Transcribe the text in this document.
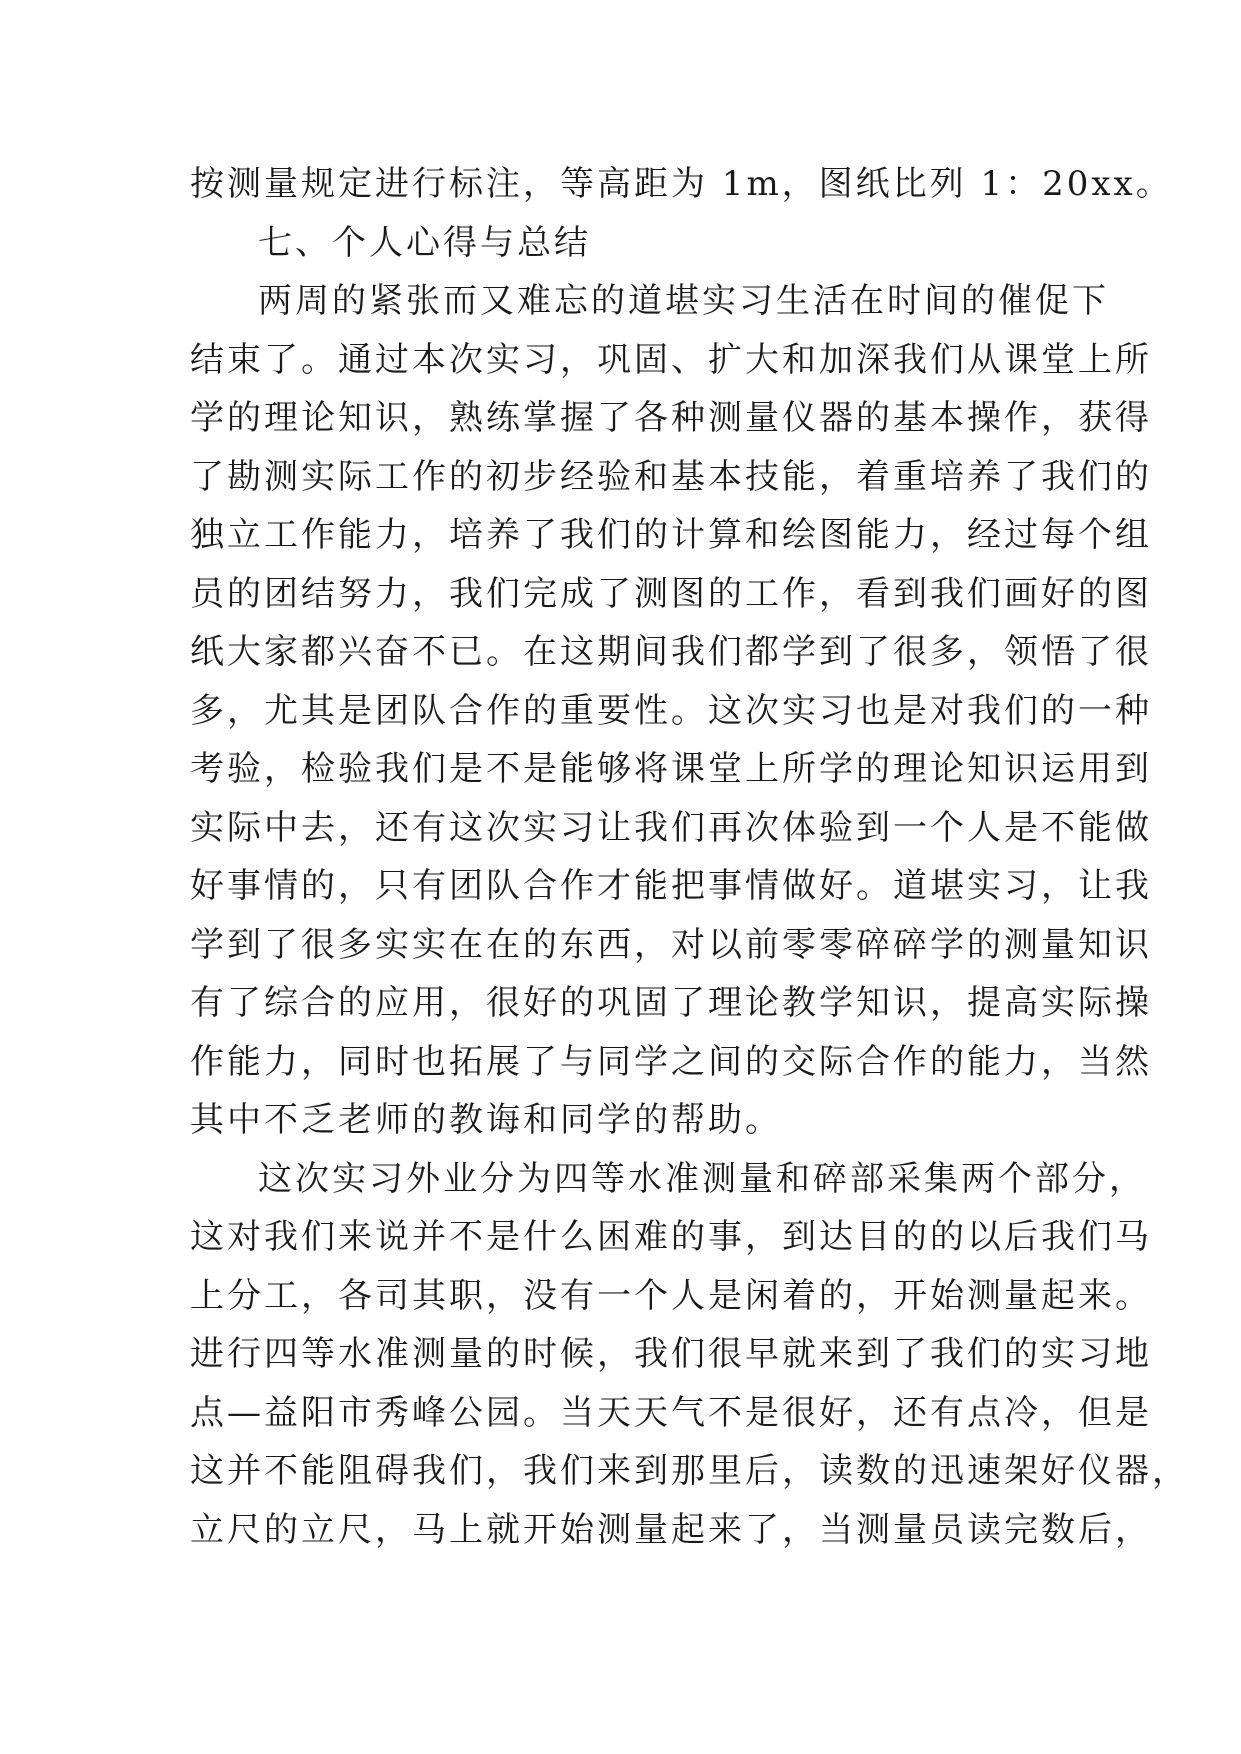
按测量规定进行标注，等高距为 1m，图纸比列 1：20xx。
七、个人心得与总结
两周的紧张而又难忘的道堪实习生活在时间的催促下
结束了。通过本次实习，巩固、扩大和加深我们从课堂上所
学的理论知识，熟练掌握了各种测量仪器的基本操作，获得
了勘测实际工作的初步经验和基本技能，着重培养了我们的
独立工作能力，培养了我们的计算和绘图能力，经过每个组
员的团结努力，我们完成了测图的工作，看到我们画好的图
纸大家都兴奋不已。在这期间我们都学到了很多，领悟了很
多，尤其是团队合作的重要性。这次实习也是对我们的一种
考验，检验我们是不是能够将课堂上所学的理论知识运用到
实际中去，还有这次实习让我们再次体验到一个人是不能做
好事情的，只有团队合作才能把事情做好。道堪实习，让我
学到了很多实实在在的东西，对以前零零碎碎学的测量知识
有了综合的应用，很好的巩固了理论教学知识，提高实际操
作能力，同时也拓展了与同学之间的交际合作的能力，当然
其中不乏老师的教诲和同学的帮助。
这次实习外业分为四等水准测量和碎部采集两个部分，
这对我们来说并不是什么困难的事，到达目的的以后我们马
上分工，各司其职，没有一个人是闲着的，开始测量起来。
进行四等水准测量的时候，我们很早就来到了我们的实习地
点—益阳市秀峰公园。当天天气不是很好，还有点冷，但是
这并不能阻碍我们，我们来到那里后，读数的迅速架好仪器，
立尺的立尺，马上就开始测量起来了，当测量员读完数后，
